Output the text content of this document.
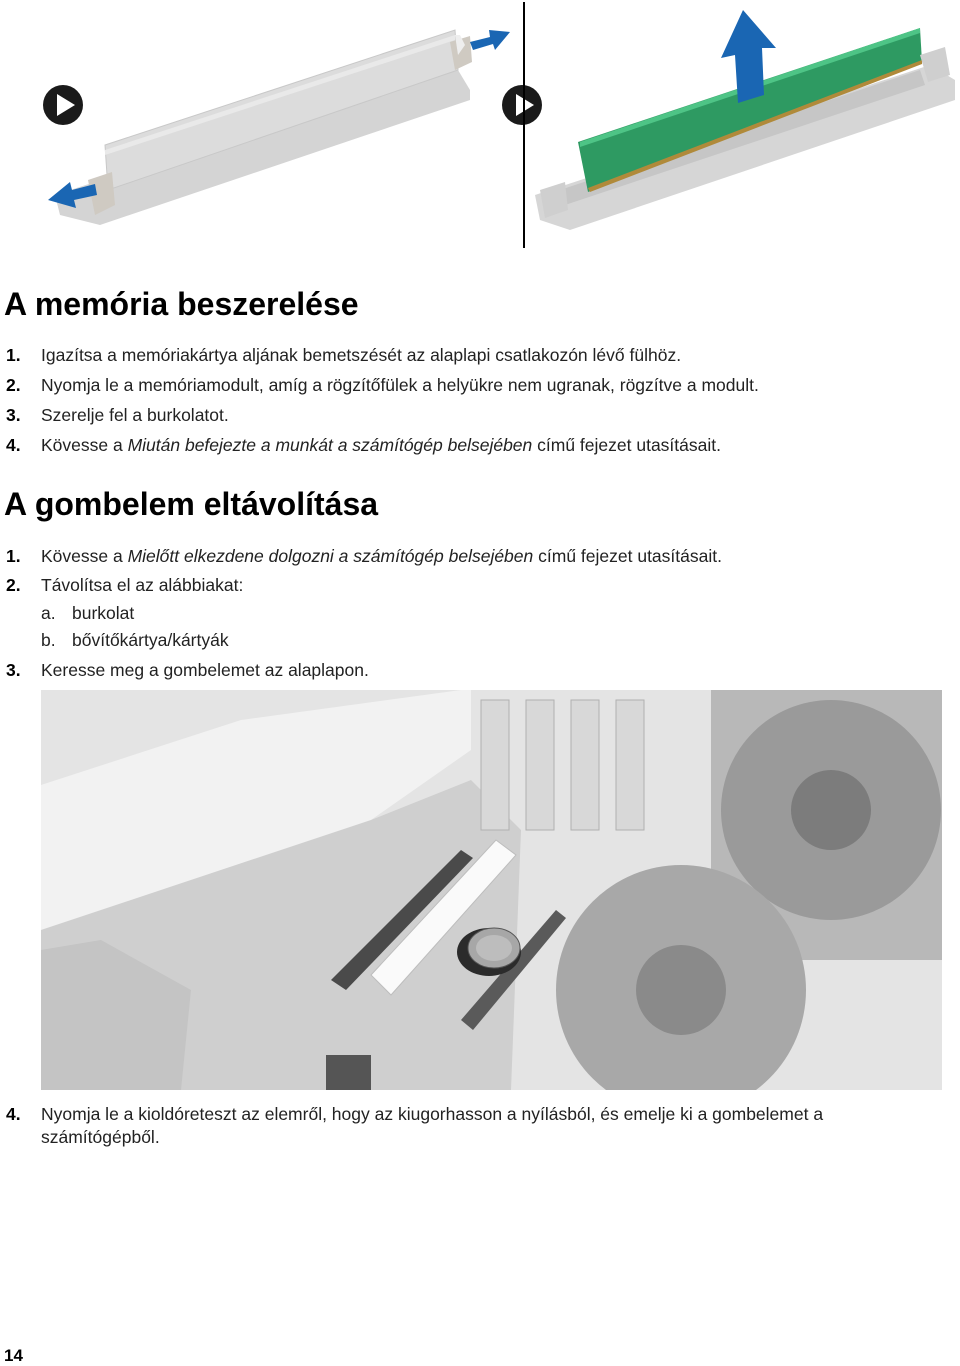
A memória beszerelése
1. Igazítsa a memóriakártya aljának bemetszését az alaplapi csatlakozón lévő fülhöz.
2. Nyomja le a memóriamodult, amíg a rögzítőfülek a helyükre nem ugranak, rögzítve a modult.
3. Szerelje fel a burkolatot.
4. Kövesse a Miután befejezte a munkát a számítógép belsejében című fejezet utasításait.
A gombelem eltávolítása
1. Kövesse a Mielőtt elkezdene dolgozni a számítógép belsejében című fejezet utasításait.
2. Távolítsa el az alábbiakat:
a. burkolat
b. bővítőkártya/kártyák
3. Keresse meg a gombelemet az alaplapon.
4. Nyomja le a kioldóreteszt az elemről, hogy az kiugorhasson a nyílásból, és emelje ki a gombelemet a
számítógépből.
14
